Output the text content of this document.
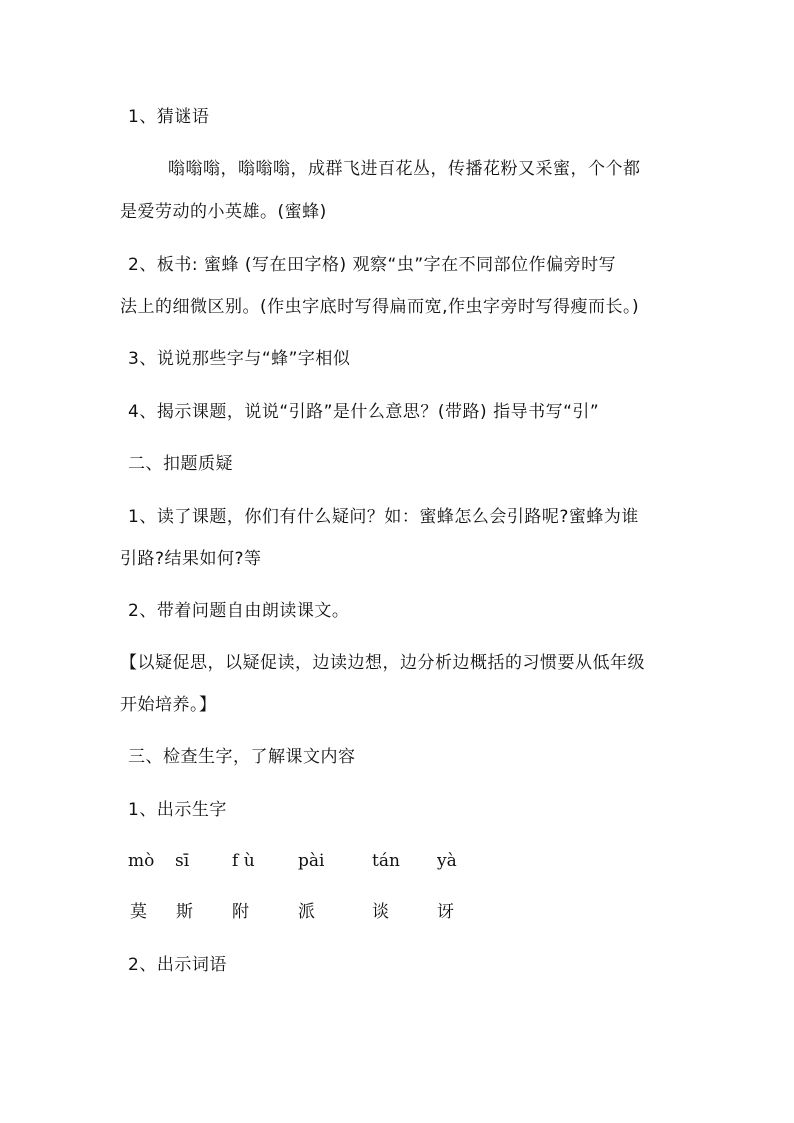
1、猜谜语
嗡嗡嗡，嗡嗡嗡，成群飞进百花丛，传播花粉又采蜜，个个都
是爱劳动的小英雄。(蜜蜂)
2、板书: 蜜蜂 (写在田字格) 观察“虫”字在不同部位作偏旁时写
法上的细微区别。(作虫字底时写得扁而宽,作虫字旁时写得瘦而长。)
3、说说那些字与“蜂”字相似
4、揭示课题，说说“引路”是什么意思？(带路) 指导书写“引”
二、扣题质疑
1、读了课题，你们有什么疑问？如：蜜蜂怎么会引路呢?蜜蜂为谁
引路?结果如何?等
2、带着问题自由朗读课文。
【以疑促思，以疑促读，边读边想，边分析边概括的习惯要从低年级
开始培养。】
三、检查生字，了解课文内容
1、出示生字
mò sī	f ù	pài	tán yà
莫 斯 附	派	谈	讶
2、出示词语
